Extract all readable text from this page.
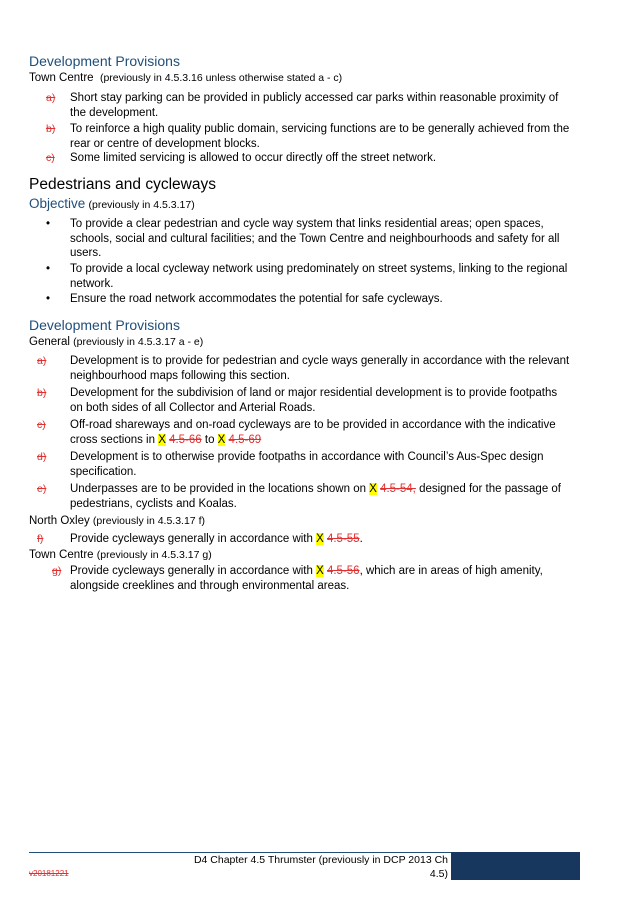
Development Provisions
Town Centre (previously in 4.5.3.16 unless otherwise stated a - c)
a) Short stay parking can be provided in publicly accessed car parks within reasonable proximity of
the development.
b) To reinforce a high quality public domain, servicing functions are to be generally achieved from the
rear or centre of development blocks.
c) Some limited servicing is allowed to occur directly off the street network.
Pedestrians and cycleways
Objective (previously in 4.5.3.17)
• To provide a clear pedestrian and cycle way system that links residential areas; open spaces,
schools, social and cultural facilities; and the Town Centre and neighbourhoods and safety for all
users.
• To provide a local cycleway network using predominately on street systems, linking to the regional
network.
• Ensure the road network accommodates the potential for safe cycleways.
Development Provisions
General (previously in 4.5.3.17 a - e)
a) Development is to provide for pedestrian and cycle ways generally in accordance with the relevant
neighbourhood maps following this section.
b) Development for the subdivision of land or major residential development is to provide footpaths
on both sides of all Collector and Arterial Roads.
c) Off-road shareways and on-road cycleways are to be provided in accordance with the indicative
cross sections in X 4.5-66 to X 4.5-69
d) Development is to otherwise provide footpaths in accordance with Council’s Aus-Spec design
specification.
e) Underpasses are to be provided in the locations shown on X 4.5-54, designed for the passage of
pedestrians, cyclists and Koalas.
North Oxley (previously in 4.5.3.17 f)
f) Provide cycleways generally in accordance with X 4.5-55.
Town Centre (previously in 4.5.3.17 g)
g) Provide cycleways generally in accordance with X 4.5-56, which are in areas of high amenity,
alongside creeklines and through environmental areas.
D4 Chapter 4.5 Thrumster (previously in DCP 2013 Ch
4.5)
v20181221
